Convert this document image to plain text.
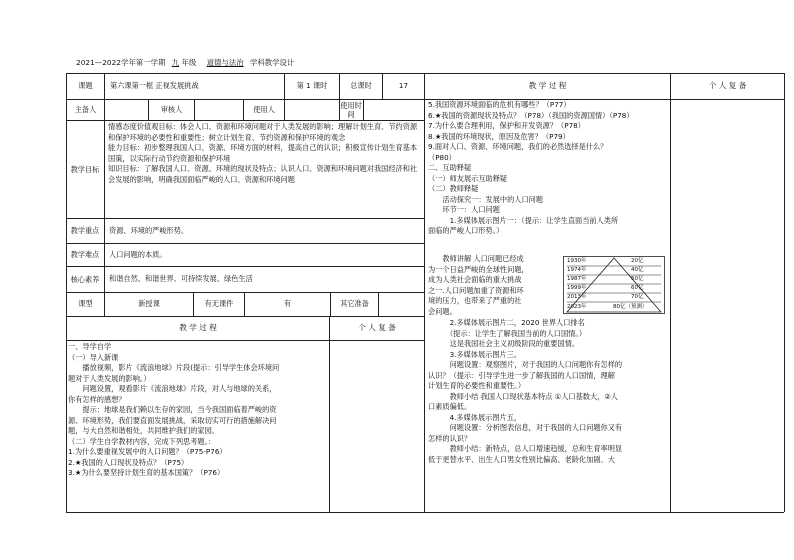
2021—2022学年第一学期 九 年级 道德与法治 学科教学设计
课题	第六课第一框 正视发展挑战	第 1 课时	总课时	17
主备人	审核人	使用人	使用时间
教学目标
情感态度价值观目标：体会人口、资源和环境问题对于人类发展的影响；理解计划生育、节约资源和保护环境的必要性和重要性；树立计划生育、节约资源和保护环境的观念
能力目标：初步整理我国人口、资源、环境方面的材料，提高自己的认识；积极宣传计划生育基本国策，以实际行动节约资源和保护环境
知识目标：了解我国人口、资源、环境的现状及特点；认识人口、资源和环境问题对我国经济和社会发展的影响，明确我国面临严峻的人口、资源和环境问题
教学重点 资源、环境的严峻形势。
教学难点 人口问题的本质。
核心素养 和谐自然、和谐世界、可持续发展、绿色生活
课型	新授课	有无课件	有	其它准备
教 学 过 程	个 人 复 备

一、导学自学

（一）导入新课

　　播放视频，影片《流浪地球》片段(提示：引导学生体会环境问

题对于人类发展的影响。）

　　问题设置，观看影片《流浪地球》片段，对人与地球的关系，

你有怎样的感想？

　　提示：地球是我们赖以生存的家园，当今我国面临着严峻的资

源、环境形势，我们要直面发展挑战，采取切实可行的措施解决问

题，与大自然和谐相处，共同维护我们的家园。

（二）学生自学教材内容，完成下列思考题。：

1.为什么要重视发展中的人口问题？（P75-P76）

2.★我国的人口现状及特点？（P75）

3.★为什么要坚持计划生育的基本国策？（P76）

教 学 过 程	个 人 复 备

5.我国资源环境面临的危机有哪些？（P77）

6.★我国的资源现状及特点？（P78）（我国的资源国情）（P78）

7.为什么要合理利用，保护和开发资源？（P78）

8.★我国的环境现状，原因及危害？（P79）

9.面对人口、资源、环境问题，我们的必然选择是什么？

（P80）

二、互助释疑

（一）师友展示互助释疑

（二）教师释疑

　　活动探究一：发展中的人口问题

　　环节一：人口问题

　　　1.多媒体展示图片一：（提示：让学生直面当前人类所

面临的严峻人口形势。）

　　教师讲解 人口问题已经成

为一个日益严峻的全球性问题，

成为人类社会面临的重大挑战

之一.人口问题加重了资源和环

境的压力，也带来了严重的社

会问题。

1930年	20亿
1974年	40亿
1987年	50亿
1999年	60亿
2013年	70亿
2023年	80亿（预测）

　　　2.多媒体展示图片二，2020 世界人口排名

　　　（提示：让学生了解我国当前的人口国情。）

　　　这是我国社会主义初级阶段的重要国情。

　　　3.多媒体展示图片三。

　　　问题设置：观察图片，对于我国的人口问题你有怎样的

认识？（提示：引导学生进一步了解我国的人口国情，理解

计划生育的必要性和重要性。）

　　　教师小结 我国人口现状基本特点 ①人口基数大，②人

口素质偏低。

　　　4.多媒体展示图片五，

　　　问题设置：分析图表信息，对于我国的人口问题你又有

怎样的认识？

　　　教师小结：新特点，总人口增速趋缓，总和生育率明显

低于更替水平、出生人口男女性别比偏高、老龄化加剧、大
